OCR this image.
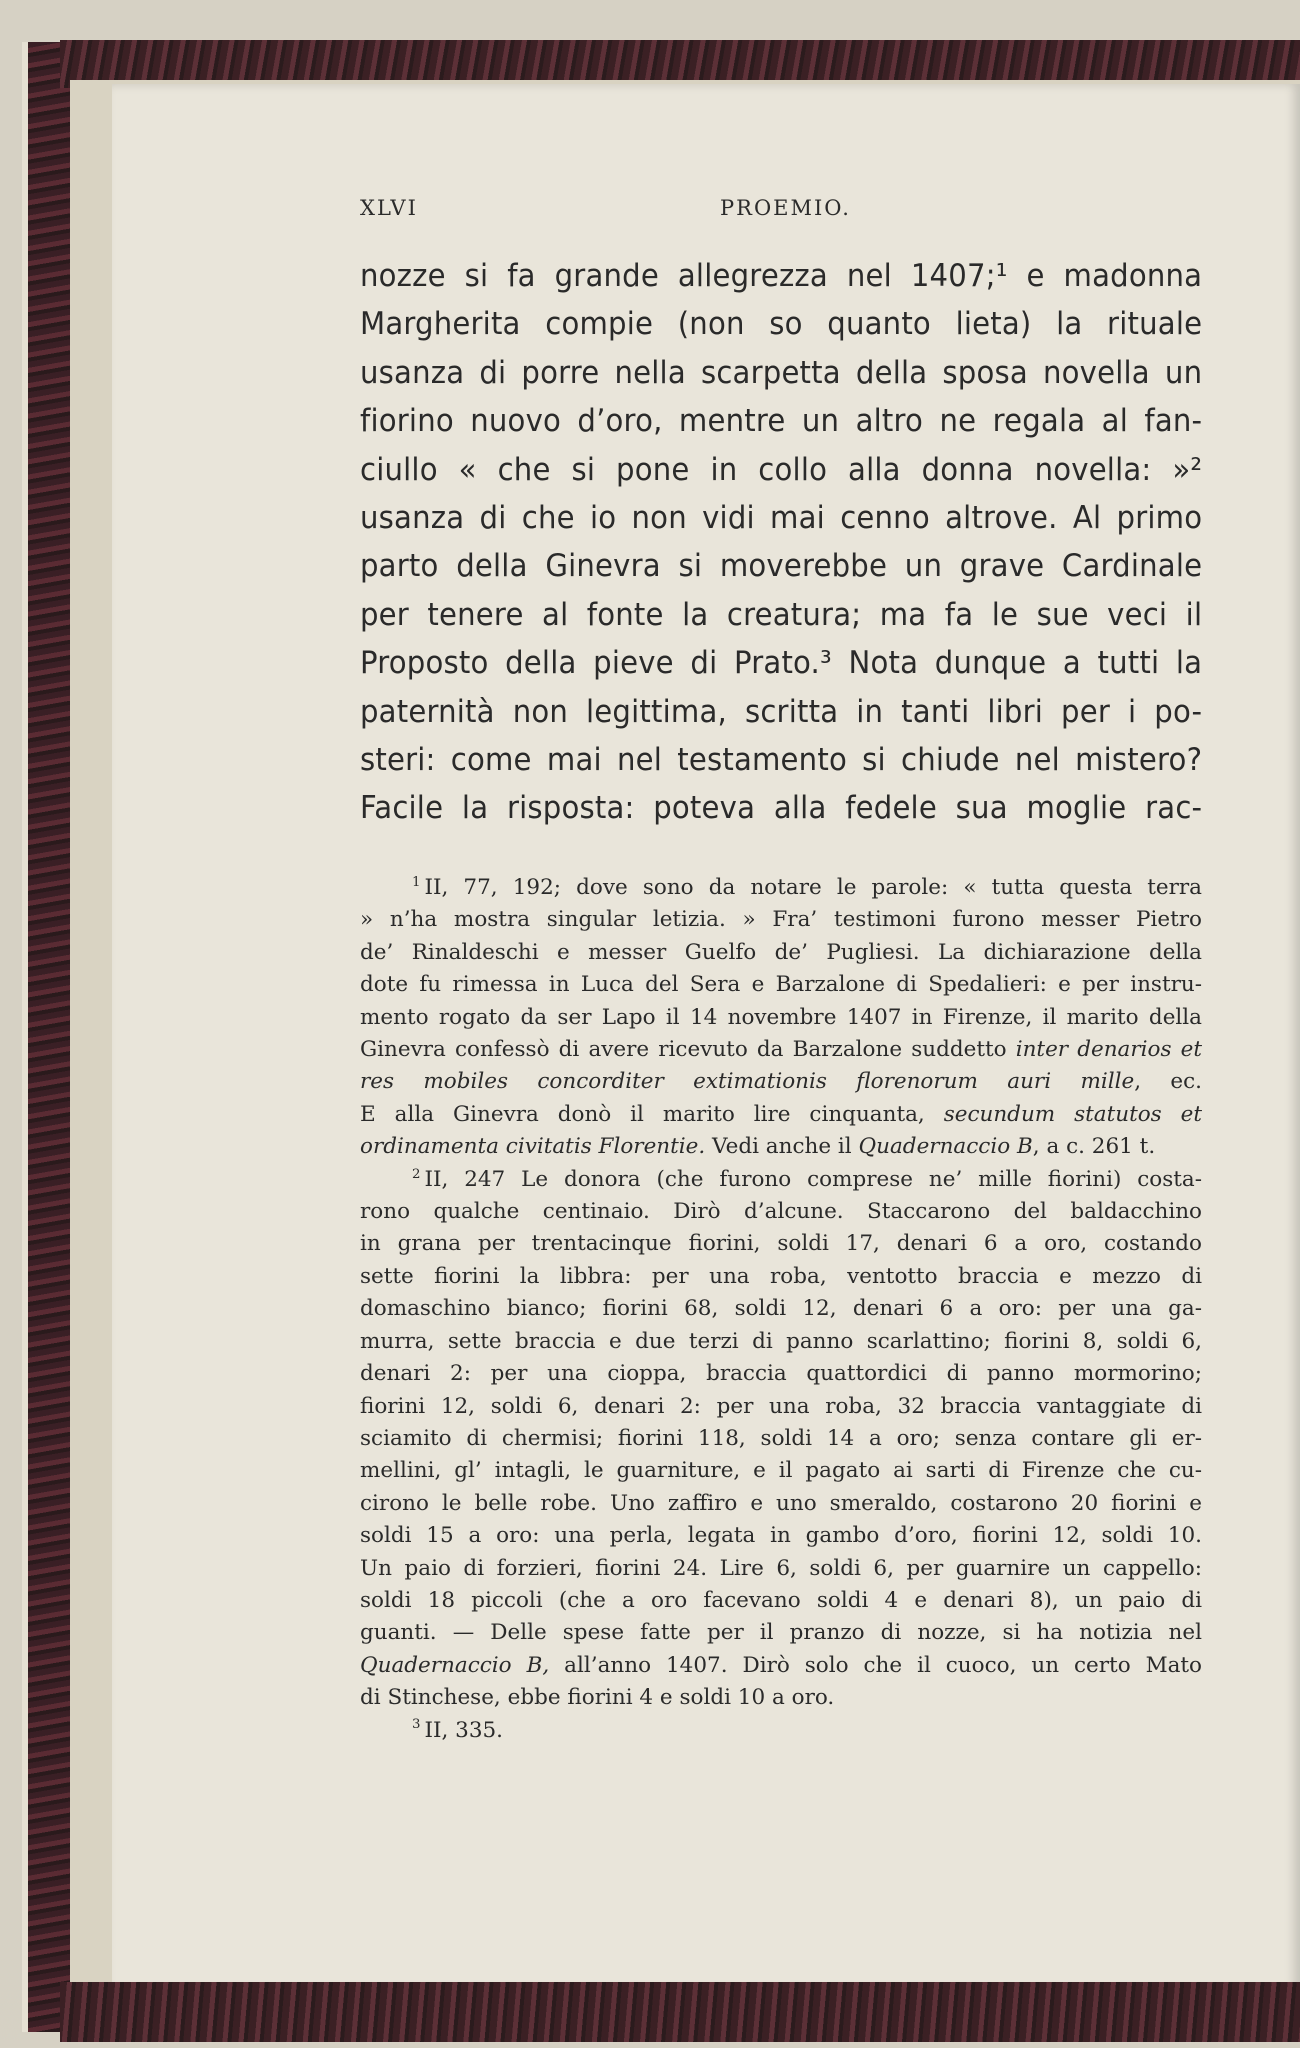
XLVI	PROEMIO.

nozze si fa grande allegrezza nel 1407;¹ e madonna

Margherita compie (non so quanto lieta) la rituale

usanza di porre nella scarpetta della sposa novella un

fiorino nuovo d’oro, mentre un altro ne regala al fan-

ciullo « che si pone in collo alla donna novella: »²

usanza di che io non vidi mai cenno altrove. Al primo

parto della Ginevra si moverebbe un grave Cardinale

per tenere al fonte la creatura; ma fa le sue veci il

Proposto della pieve di Prato.³ Nota dunque a tutti la

paternità non legittima, scritta in tanti libri per i po-

steri: come mai nel testamento si chiude nel mistero?

Facile la risposta: poteva alla fedele sua moglie rac-

$^1$ II, 77, 192; dove sono da notare le parole: « tutta questa terra
» n’ha mostra singular letizia. » Fra’ testimoni furono messer Pietro
de’ Rinaldeschi e messer Guelfo de’ Pugliesi. La dichiarazione della
dote fu rimessa in Luca del Sera e Barzalone di Spedalieri: e per instru-
mento rogato da ser Lapo il 14 novembre 1407 in Firenze, il marito della
Ginevra confessò di avere ricevuto da Barzalone suddetto inter denarios et res mobiles concorditer extimationis florenorum auri mille, ec.
E alla Ginevra donò il marito lire cinquanta, secundum statutos et ordinamenta civitatis Florentie. Vedi anche il Quadernaccio B, a c. 261 t.
$^2$ II, 247 Le donora (che furono comprese ne’ mille fiorini) costa-
rono qualche centinaio. Dirò d’alcune. Staccarono del baldacchino
in grana per trentacinque fiorini, soldi 17, denari 6 a oro, costando
sette fiorini la libbra: per una roba, ventotto braccia e mezzo di
domaschino bianco; fiorini 68, soldi 12, denari 6 a oro: per una ga-
murra, sette braccia e due terzi di panno scarlattino; fiorini 8, soldi 6,
denari 2: per una cioppa, braccia quattordici di panno mormorino;
fiorini 12, soldi 6, denari 2: per una roba, 32 braccia vantaggiate di
sciamito di chermisi; fiorini 118, soldi 14 a oro; senza contare gli er-
mellini, gl’ intagli, le guarniture, e il pagato ai sarti di Firenze che cu-
cirono le belle robe. Uno zaffiro e uno smeraldo, costarono 20 fiorini e
soldi 15 a oro: una perla, legata in gambo d’oro, fiorini 12, soldi 10.
Un paio di forzieri, fiorini 24. Lire 6, soldi 6, per guarnire un cappello:
soldi 18 piccoli (che a oro facevano soldi 4 e denari 8), un paio di
guanti. — Delle spese fatte per il pranzo di nozze, si ha notizia nel
Quadernaccio B, all’anno 1407. Dirò solo che il cuoco, un certo Mato
di Stinchese, ebbe fiorini 4 e soldi 10 a oro.
$^3$ II, 335.
